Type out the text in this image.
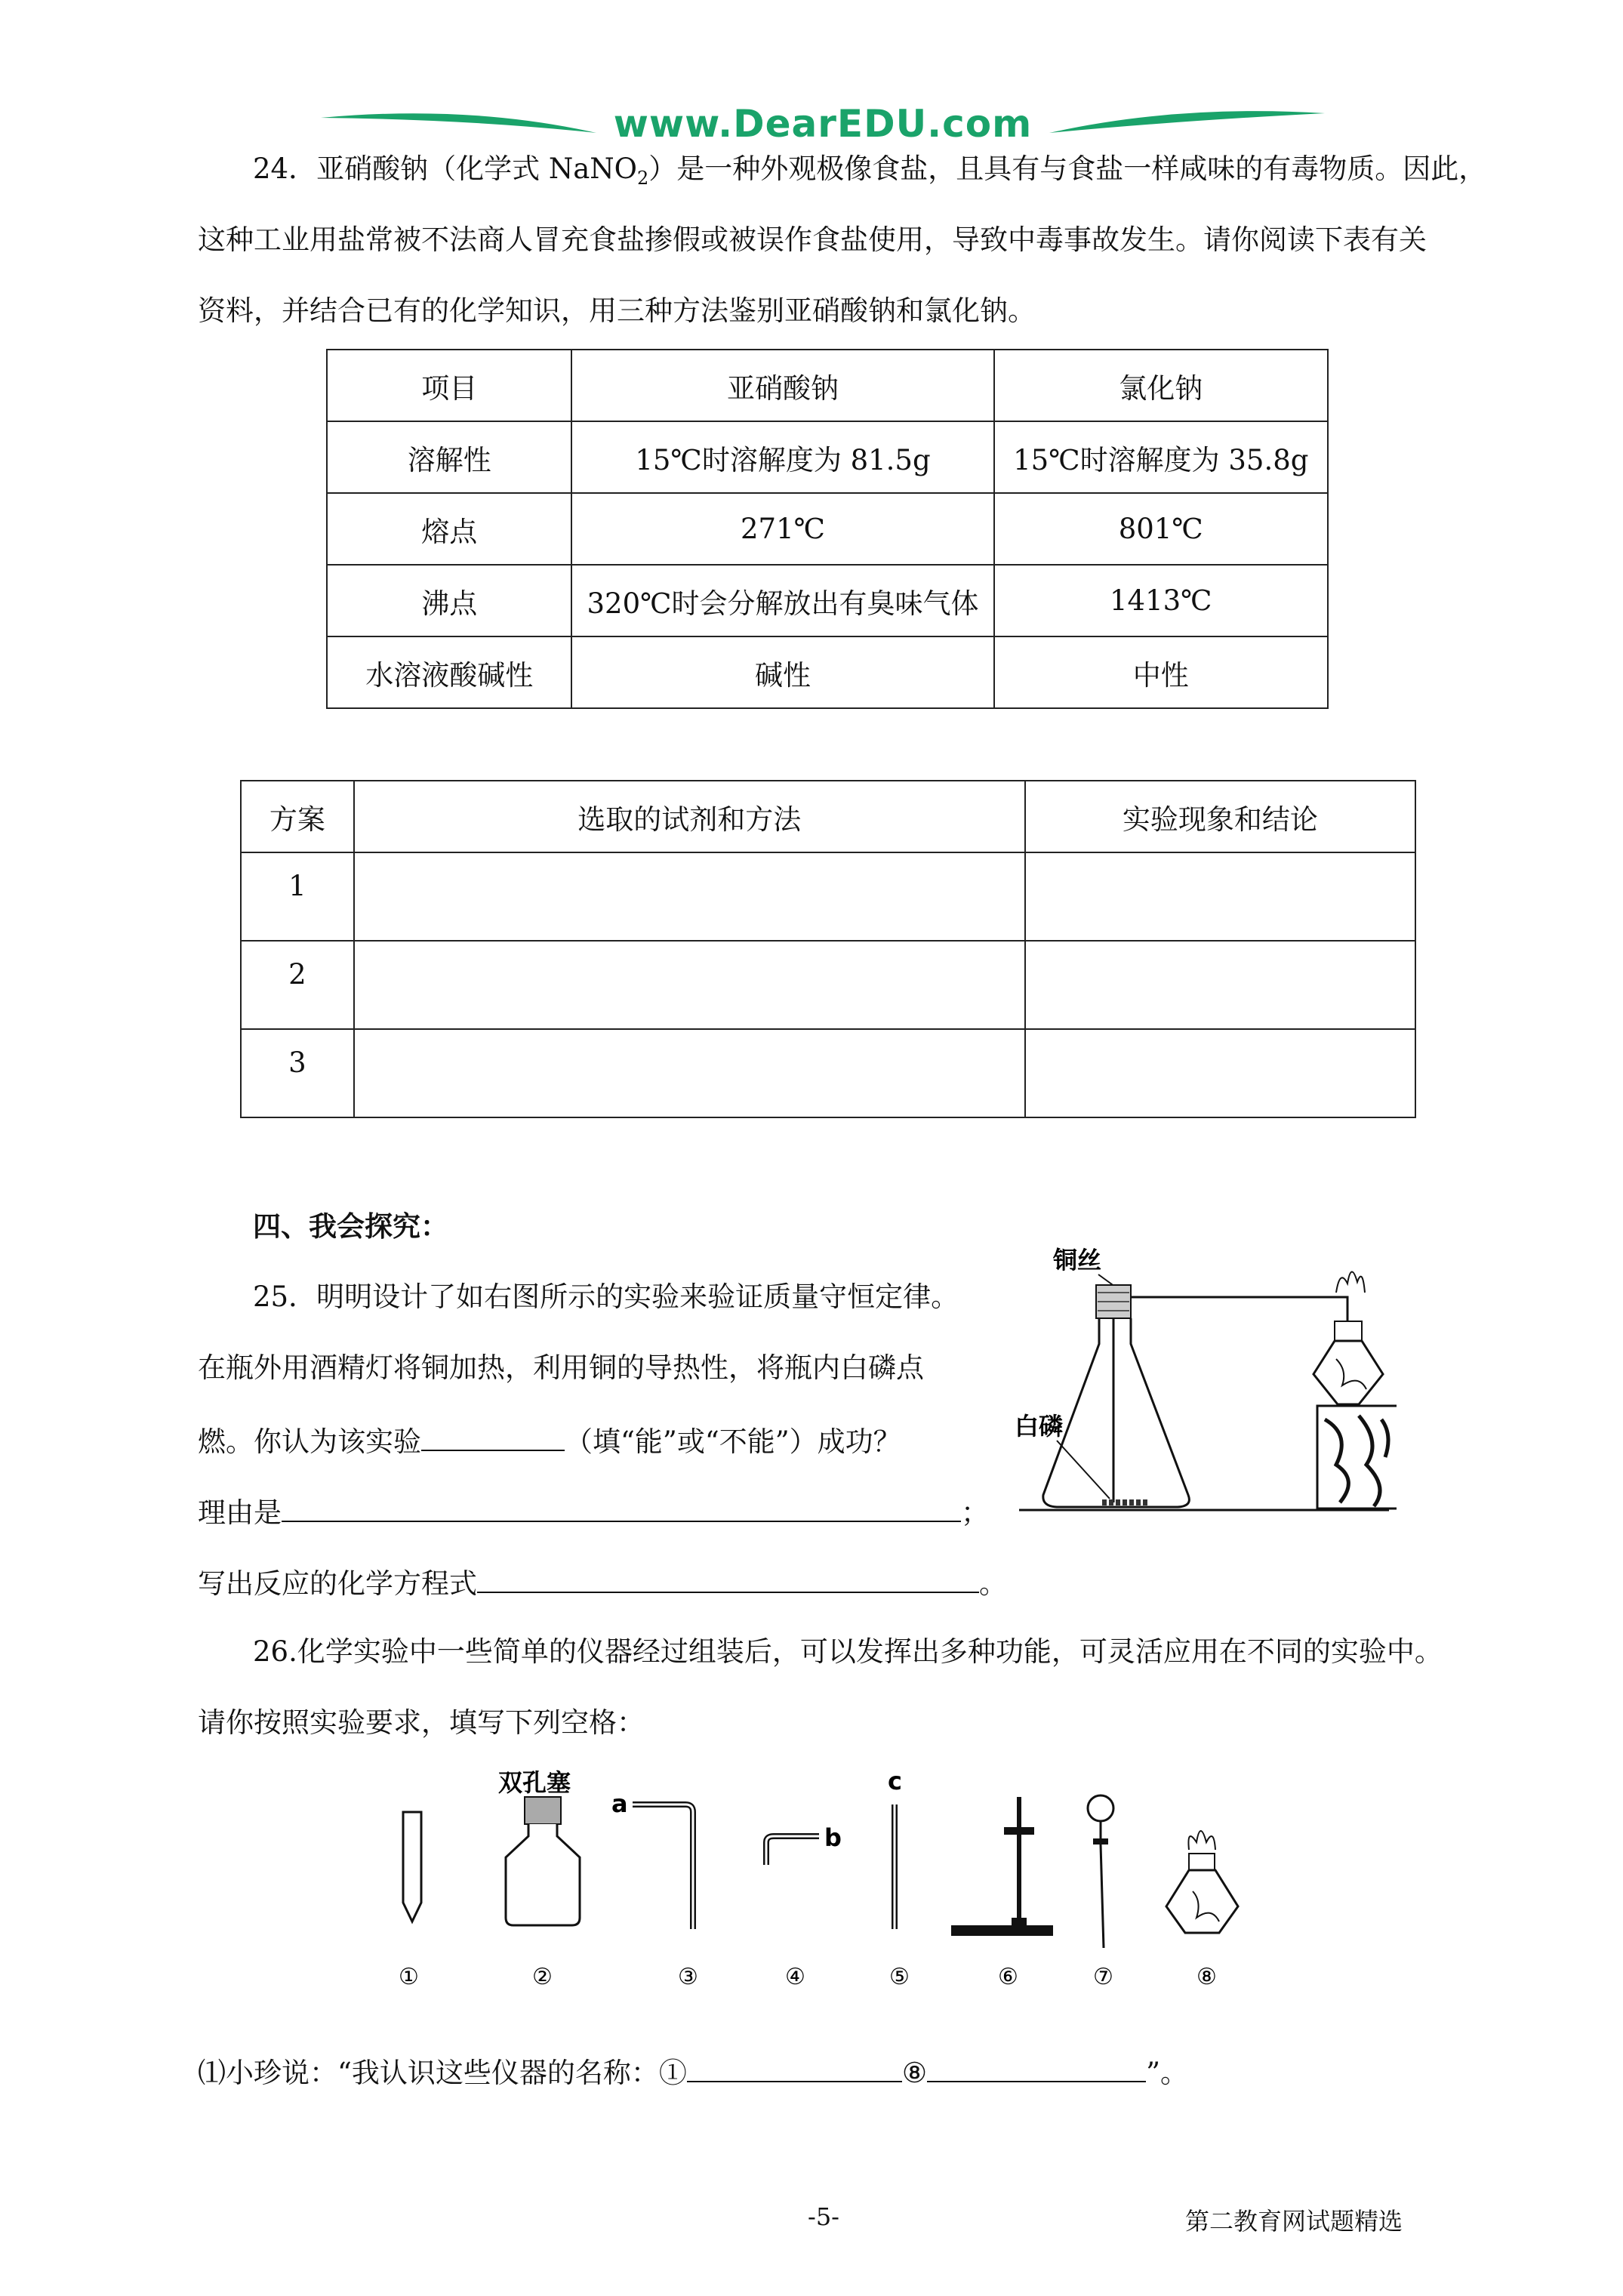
www.DearEDU.com
24．亚硝酸钠（化学式 NaNO$_2$）是一种外观极像食盐，且具有与食盐一样咸味的有毒物质。因此，
这种工业用盐常被不法商人冒充食盐掺假或被误作食盐使用，导致中毒事故发生。请你阅读下表有关
资料，并结合已有的化学知识，用三种方法鉴别亚硝酸钠和氯化钠。
项目	亚硝酸钠	氯化钠
溶解性	15℃时溶解度为 81.5g	15℃时溶解度为 35.8g
熔点	271℃	801℃
沸点	320℃时会分解放出有臭味气体	1413℃
水溶液酸碱性	碱性	中性
方案	选取的试剂和方法	实验现象和结论
1		
2		
3		
四、我会探究：
25．明明设计了如右图所示的实验来验证质量守恒定律。
在瓶外用酒精灯将铜加热，利用铜的导热性，将瓶内白磷点
燃。你认为该实验	（填“能”或“不能”）成功？
理由是	；
写出反应的化学方程式	。
铜丝
白磷
26.化学实验中一些简单的仪器经过组装后，可以发挥出多种功能，可灵活应用在不同的实验中。
请你按照实验要求，填写下列空格：
双孔塞
a
b
c
①	②	③	④	⑤	⑥	⑦	⑧
⑴小珍说：“我认识这些仪器的名称：①	⑧	”。
-5-	第二教育网试题精选
